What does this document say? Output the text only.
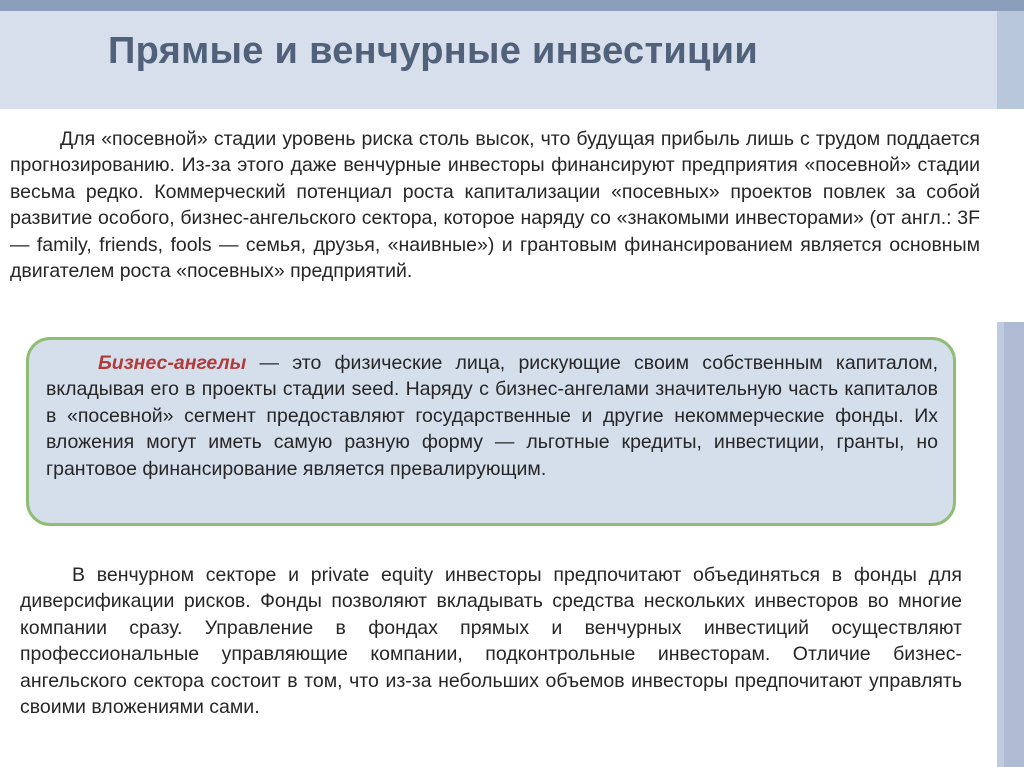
Прямые и венчурные инвестиции
Для «посевной» стадии уровень риска столь высок, что будущая прибыль лишь с трудом поддается прогнозированию. Из-за этого даже венчурные инвесторы финансируют предприятия «посевной» стадии весьма редко. Коммерческий потенциал роста капитализации «посевных» проектов повлек за собой развитие особого, бизнес-ангельского сектора, которое наряду со «знакомыми инвесторами» (от англ.: 3F — family, friends, fools — семья, друзья, «наивные») и грантовым финансированием является основным двигателем роста «посевных» предприятий.
Бизнес-ангелы — это физические лица, рискующие своим собственным капиталом, вкладывая его в проекты стадии seed. Наряду с бизнес-ангелами значительную часть капиталов в «посевной» сегмент предоставляют государственные и другие некоммерческие фонды. Их вложения могут иметь самую разную форму — льготные кредиты, инвестиции, гранты, но грантовое финансирование является превалирующим.
В венчурном секторе и private equity инвесторы предпочитают объединяться в фонды для диверсификации рисков. Фонды позволяют вкладывать средства нескольких инвесторов во многие компании сразу. Управление в фондах прямых и венчурных инвестиций осуществляют профессиональные управляющие компании, подконтрольные инвесторам. Отличие бизнес-ангельского сектора состоит в том, что из-за небольших объемов инвесторы предпочитают управлять своими вложениями сами.
